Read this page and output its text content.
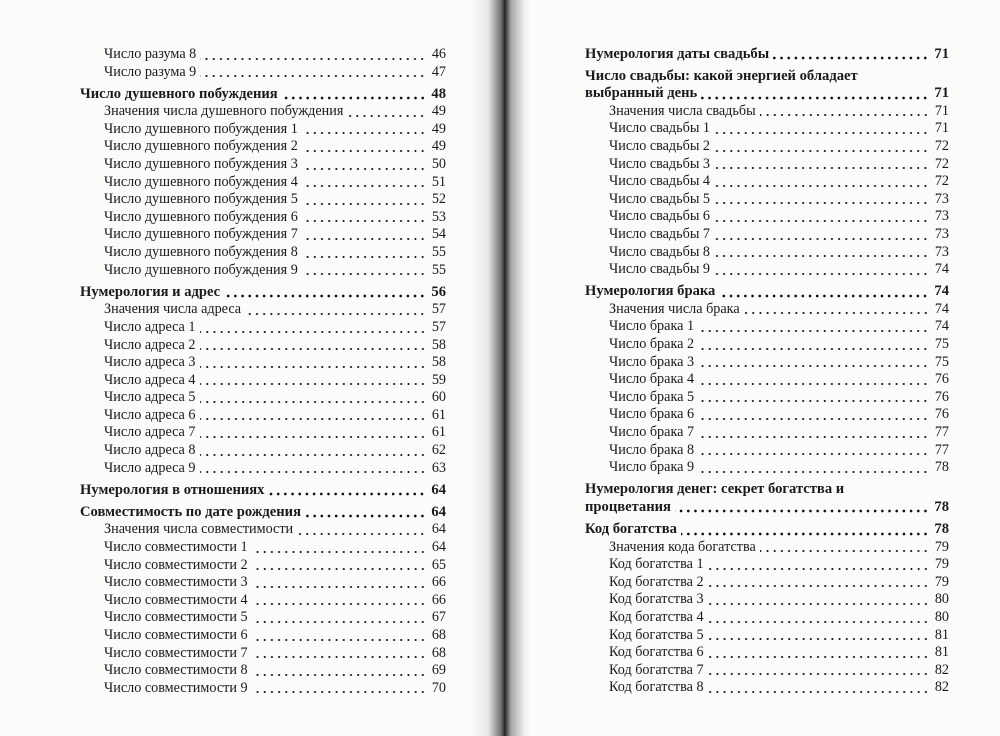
Число разума 8	46
Число разума 9	47
Число душевного побуждения	48
Значения числа душевного побуждения	49
Число душевного побуждения 1	49
Число душевного побуждения 2	49
Число душевного побуждения 3	50
Число душевного побуждения 4	51
Число душевного побуждения 5	52
Число душевного побуждения 6	53
Число душевного побуждения 7	54
Число душевного побуждения 8	55
Число душевного побуждения 9	55
Нумерология и адрес	56
Значения числа адреса	57
Число адреса 1	57
Число адреса 2	58
Число адреса 3	58
Число адреса 4	59
Число адреса 5	60
Число адреса 6	61
Число адреса 7	61
Число адреса 8	62
Число адреса 9	63
Нумерология в отношениях	64
Совместимость по дате рождения	64
Значения числа совместимости	64
Число совместимости 1	64
Число совместимости 2	65
Число совместимости 3	66
Число совместимости 4	66
Число совместимости 5	67
Число совместимости 6	68
Число совместимости 7	68
Число совместимости 8	69
Число совместимости 9	70
Нумерология даты свадьбы	71
Число свадьбы: какой энергией обладает
выбранный день	71
Значения числа свадьбы	71
Число свадьбы 1	71
Число свадьбы 2	72
Число свадьбы 3	72
Число свадьбы 4	72
Число свадьбы 5	73
Число свадьбы 6	73
Число свадьбы 7	73
Число свадьбы 8	73
Число свадьбы 9	74
Нумерология брака	74
Значения числа брака	74
Число брака 1	74
Число брака 2	75
Число брака 3	75
Число брака 4	76
Число брака 5	76
Число брака 6	76
Число брака 7	77
Число брака 8	77
Число брака 9	78
Нумерология денег: секрет богатства и
процветания	78
Код богатства	78
Значения кода богатства	79
Код богатства 1	79
Код богатства 2	79
Код богатства 3	80
Код богатства 4	80
Код богатства 5	81
Код богатства 6	81
Код богатства 7	82
Код богатства 8	82
